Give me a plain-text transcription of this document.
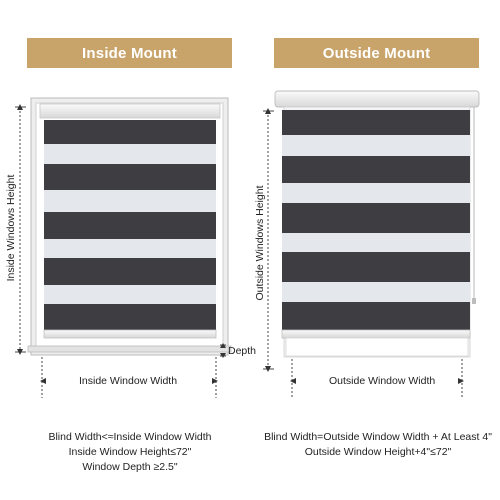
Inside Mount	Outside Mount
Inside Windows Height
Inside Window Width
Depth
Outside Windows Height
Outside Window Width
Blind Width<≈Inside Window Width
Inside Window Height≤72"
Window Depth ≥2.5"
Blind Width=Outside Window Width + At Least 4"
Outside Window Height+4"≤72"
